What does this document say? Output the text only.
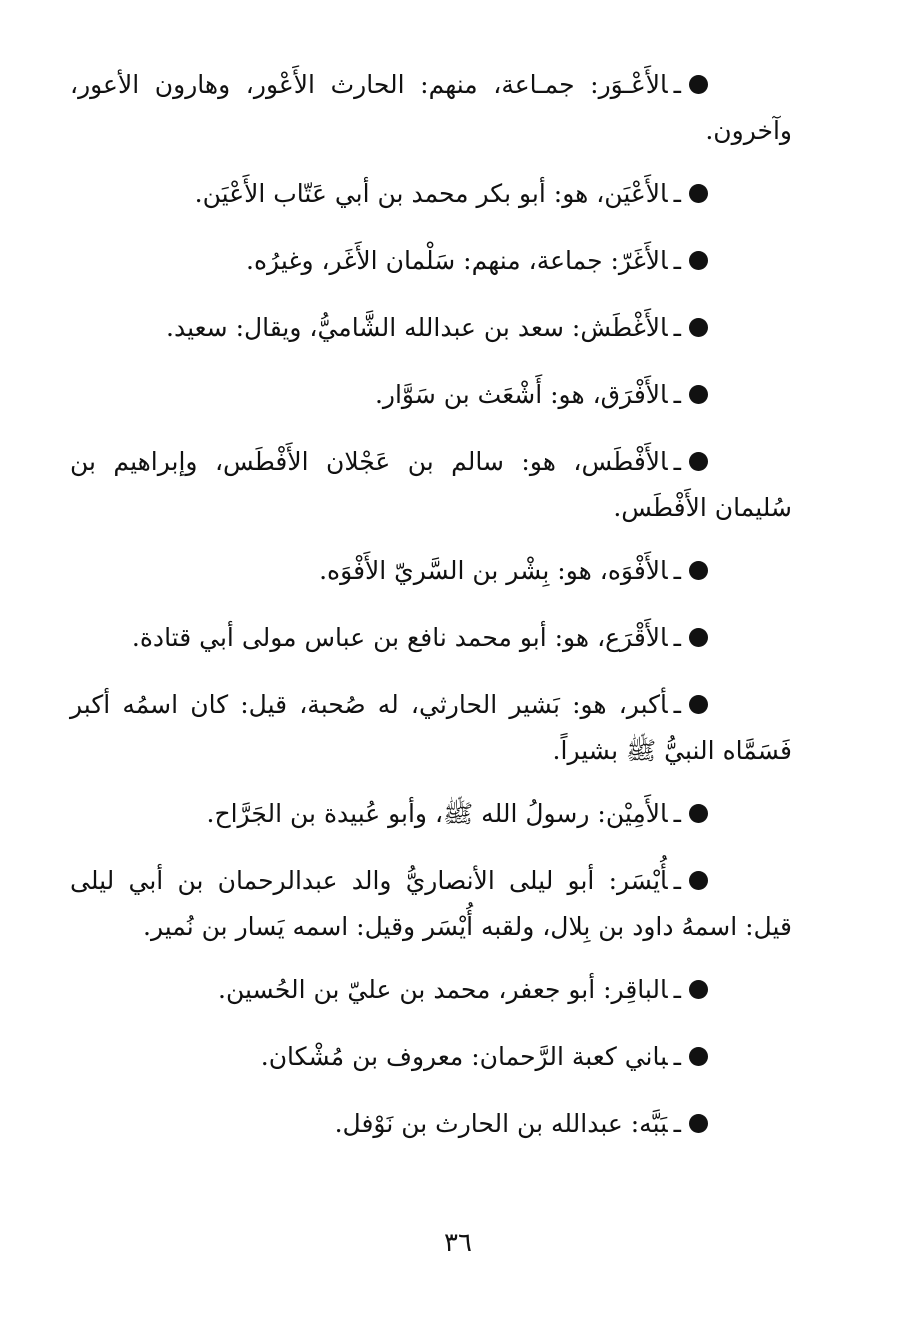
ـالأَعْـوَر: جمـاعة، منهم: الحارث الأَعْور، وهارون الأعور، وآخرون.

ـالأَعْيَن، هو: أبو بكر محمد بن أبي عَتّاب الأَعْيَن.

ـالأَغَرّ: جماعة، منهم: سَلْمان الأَغَر، وغيرُه.

ـالأَغْطَش: سعد بن عبدالله الشَّاميُّ، ويقال: سعيد.

ـالأَفْرَق، هو: أَشْعَث بن سَوَّار.

ـالأَفْطَس، هو: سالم بن عَجْلان الأَفْطَس، وإبراهيم بن سُليمان الأَفْطَس.

ـالأَفْوَه، هو: بِشْر بن السَّريّ الأَفْوَه.

ـالأَقْرَع، هو: أبو محمد نافع بن عباس مولى أبي قتادة.

ـأكبر، هو: بَشير الحارثي، له صُحبة، قيل: كان اسمُه أكبر فَسَمَّاه النبيُّ ﷺ بشيراً.

ـالأَمِيْن: رسولُ الله ﷺ، وأبو عُبيدة بن الجَرَّاح.

ـأُيْسَر: أبو ليلى الأنصاريُّ والد عبدالرحمان بن أبي ليلى قيل: اسمهُ داود بن بِلال، ولقبه أُيْسَر وقيل: اسمه يَسار بن نُمير.

ـالباقِر: أبو جعفر، محمد بن عليّ بن الحُسين.

ـباني كعبة الرَّحمان: معروف بن مُشْكان.

ـبَبَّه: عبدالله بن الحارث بن نَوْفل.

٣٦
